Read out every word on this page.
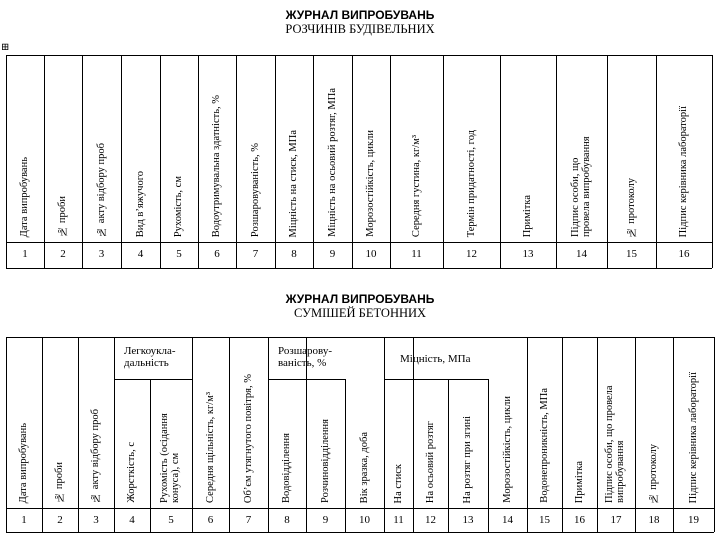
ЖУРНАЛ ВИПРОБУВАНЬ
РОЗЧИНІВ БУДІВЕЛЬНИХ
⊞
Дата випробувань
1
№ проби
2
№ акту відбору проб
3
Вид в’яжучого
4
Рухомість, см
5
Водоутримувальна здатність, %
6
Розшаровуваність, %
7
Міцність на стиск, МПа
8
Міцність на осьовий розтяг, МПа
9
Морозостійкість, цикли
10
Середня густина, кг/м³
11
Термін придатності, год
12
Примітка
13
Підпис особи, що провела випробування
14
№ протоколу
15
Підпис керівника лабораторії
16
ЖУРНАЛ ВИПРОБУВАНЬ
СУМІШЕЙ БЕТОННИХ
Легкоукла-
дальність
Розшарову-
ваність, %	Міцність, МПа
Дата випробувань
1
№ проби
2
№ акту відбору проб
3
Жорсткість, с
4
Рухомість (осідання конуса), см
5
Середня щільність, кг/м³
6
Об’єм утягнутого повітря, %
7
Водовідділення
8
Розчиновідділення
9
Вік зразка, доба
10
На стиск
11
На осьовий розтяг
12
На розтяг при згині
13
Морозостійкість, цикли
14
Водонепроникність, МПа
15
Примітка
16
Підпис особи, що провела випробування
17
№ протоколу
18
Підпис керівника лабораторії
19
